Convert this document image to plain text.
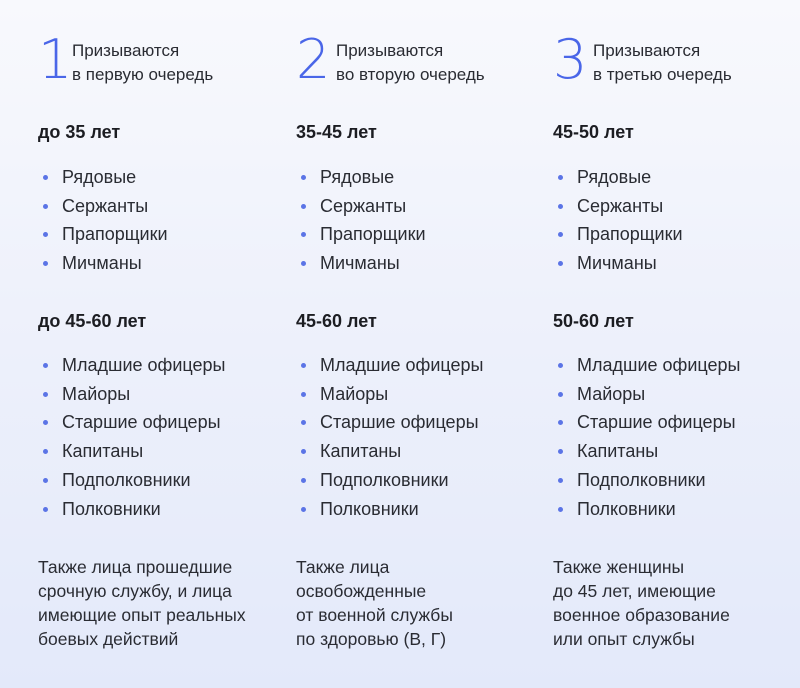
1 Призываются
в первую очередь
до 35 лет
Рядовые
Сержанты
Прапорщики
Мичманы
до 45-60 лет
Младшие офицеры
Майоры
Старшие офицеры
Капитаны
Подполковники
Полковники
Также лица прошедшие
срочную службу, и лица
имеющие опыт реальных
боевых действий
2 Призываются
во вторую очередь
35-45 лет
Рядовые
Сержанты
Прапорщики
Мичманы
45-60 лет
Младшие офицеры
Майоры
Старшие офицеры
Капитаны
Подполковники
Полковники
Также лица
освобожденные
от военной службы
по здоровью (В, Г)
3 Призываются
в третью очередь
45-50 лет
Рядовые
Сержанты
Прапорщики
Мичманы
50-60 лет
Младшие офицеры
Майоры
Старшие офицеры
Капитаны
Подполковники
Полковники
Также женщины
до 45 лет, имеющие
военное образование
или опыт службы
